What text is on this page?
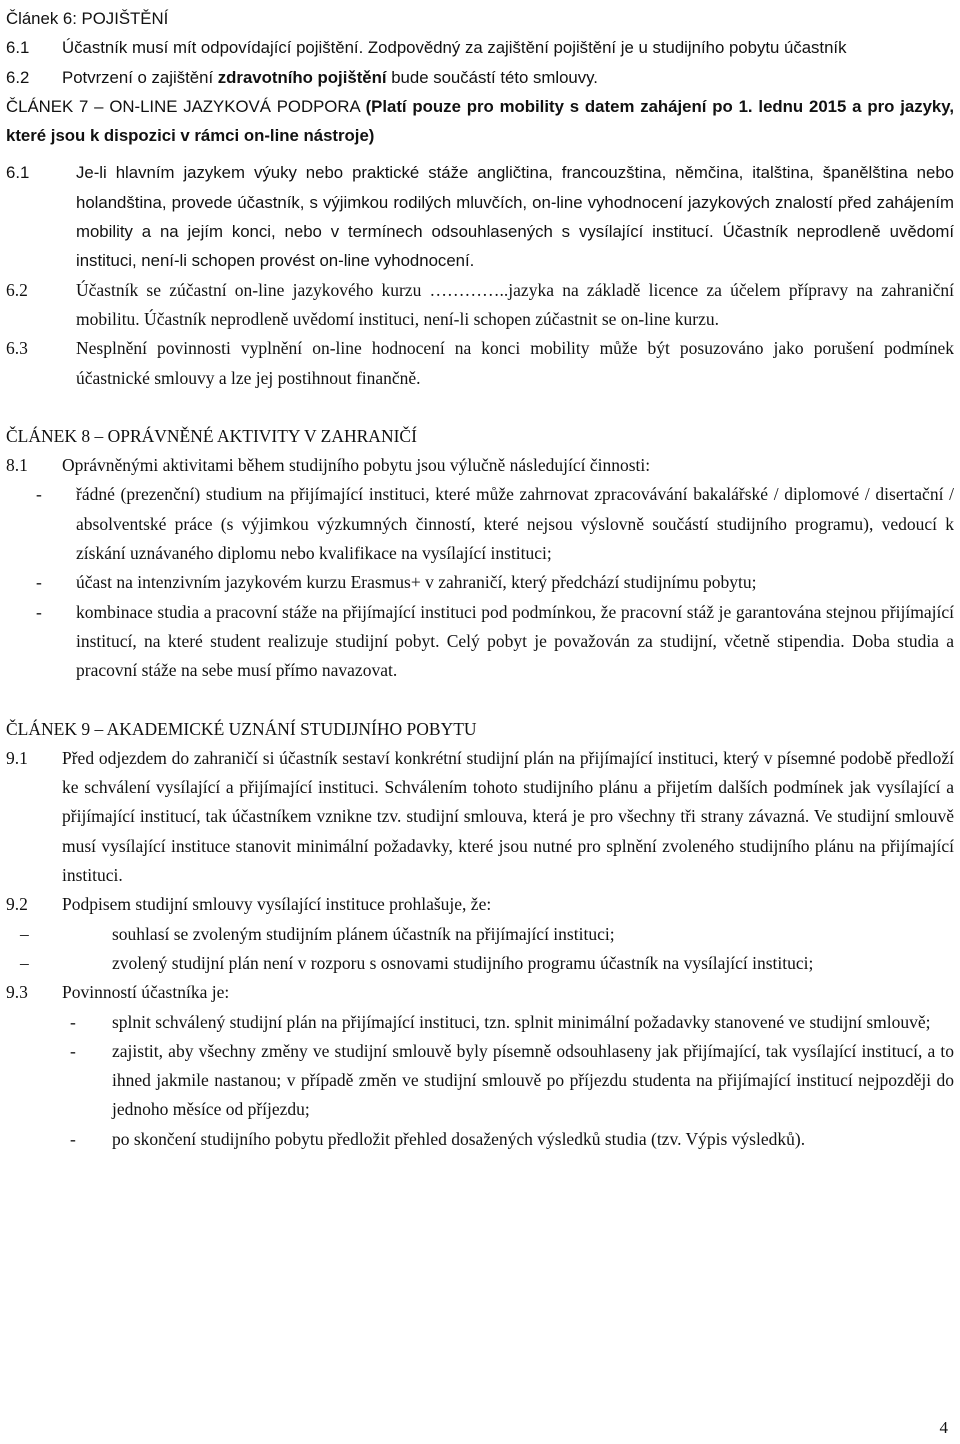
Článek 6: POJIŠTĚNÍ
6.1	Účastník musí mít odpovídající pojištění. Zodpovědný za zajištění pojištění je u studijního pobytu účastník
6.2	Potvrzení o zajištění zdravotního pojištění bude součástí této smlouvy.
ČLÁNEK 7 – ON-LINE JAZYKOVÁ PODPORA (Platí pouze pro mobility s datem zahájení po 1. lednu 2015 a pro jazyky, které jsou k dispozici v rámci on-line nástroje)
6.1	Je-li hlavním jazykem výuky nebo praktické stáže angličtina, francouzština, němčina, italština, španělština nebo holandština, provede účastník, s výjimkou rodilých mluvčích, on-line vyhodnocení jazykových znalostí před zahájením mobility a na jejím konci, nebo v termínech odsouhlasených s vysílající institucí. Účastník neprodleně uvědomí instituci, není-li schopen provést on-line vyhodnocení.
6.2	Účastník se zúčastní on-line jazykového kurzu …………..jazyka na základě licence za účelem přípravy na zahraniční mobilitu. Účastník neprodleně uvědomí instituci, není-li schopen zúčastnit se on-line kurzu.
6.3	Nesplnění povinnosti vyplnění on-line hodnocení na konci mobility může být posuzováno jako porušení podmínek účastnické smlouvy a lze jej postihnout finančně.
ČLÁNEK 8 – OPRÁVNĚNÉ AKTIVITY V ZAHRANIČÍ
8.1	Oprávněnými aktivitami během studijního pobytu jsou výlučně následující činnosti:
-	řádné (prezenční) studium na přijímající instituci, které může zahrnovat zpracovávání bakalářské / diplomové / disertační / absolventské práce (s výjimkou výzkumných činností, které nejsou výslovně součástí studijního programu), vedoucí k získání uznávaného diplomu nebo kvalifikace na vysílající instituci;
-	účast na intenzivním jazykovém kurzu Erasmus+ v zahraničí, který předchází studijnímu pobytu;
-	kombinace studia a pracovní stáže na přijímající instituci pod podmínkou, že pracovní stáž je garantována stejnou přijímající institucí, na které student realizuje studijní pobyt. Celý pobyt je považován za studijní, včetně stipendia. Doba studia a pracovní stáže na sebe musí přímo navazovat.
ČLÁNEK 9 – AKADEMICKÉ UZNÁNÍ STUDIJNÍHO POBYTU
9.1	Před odjezdem do zahraničí si účastník sestaví konkrétní studijní plán na přijímající instituci, který v písemné podobě předloží ke schválení vysílající a přijímající instituci. Schválením tohoto studijního plánu a přijetím dalších podmínek jak vysílající a přijímající institucí, tak účastníkem vznikne tzv. studijní smlouva, která je pro všechny tři strany závazná. Ve studijní smlouvě musí vysílající instituce stanovit minimální požadavky, které jsou nutné pro splnění zvoleného studijního plánu na přijímající instituci.
9.2	Podpisem studijní smlouvy vysílající instituce prohlašuje, že:
–	souhlasí se zvoleným studijním plánem účastník na přijímající instituci;
–	zvolený studijní plán není v rozporu s osnovami studijního programu účastník na vysílající instituci;
9.3	Povinností účastníka je:
-	splnit schválený studijní plán na přijímající instituci, tzn. splnit minimální požadavky stanovené ve studijní smlouvě;
-	zajistit, aby všechny změny ve studijní smlouvě byly písemně odsouhlaseny jak přijímající, tak vysílající institucí, a to ihned jakmile nastanou; v případě změn ve studijní smlouvě po příjezdu studenta na přijímající institucí nejpozději do jednoho měsíce od příjezdu;
-	po skončení studijního pobytu předložit přehled dosažených výsledků studia (tzv. Výpis výsledků).
4
